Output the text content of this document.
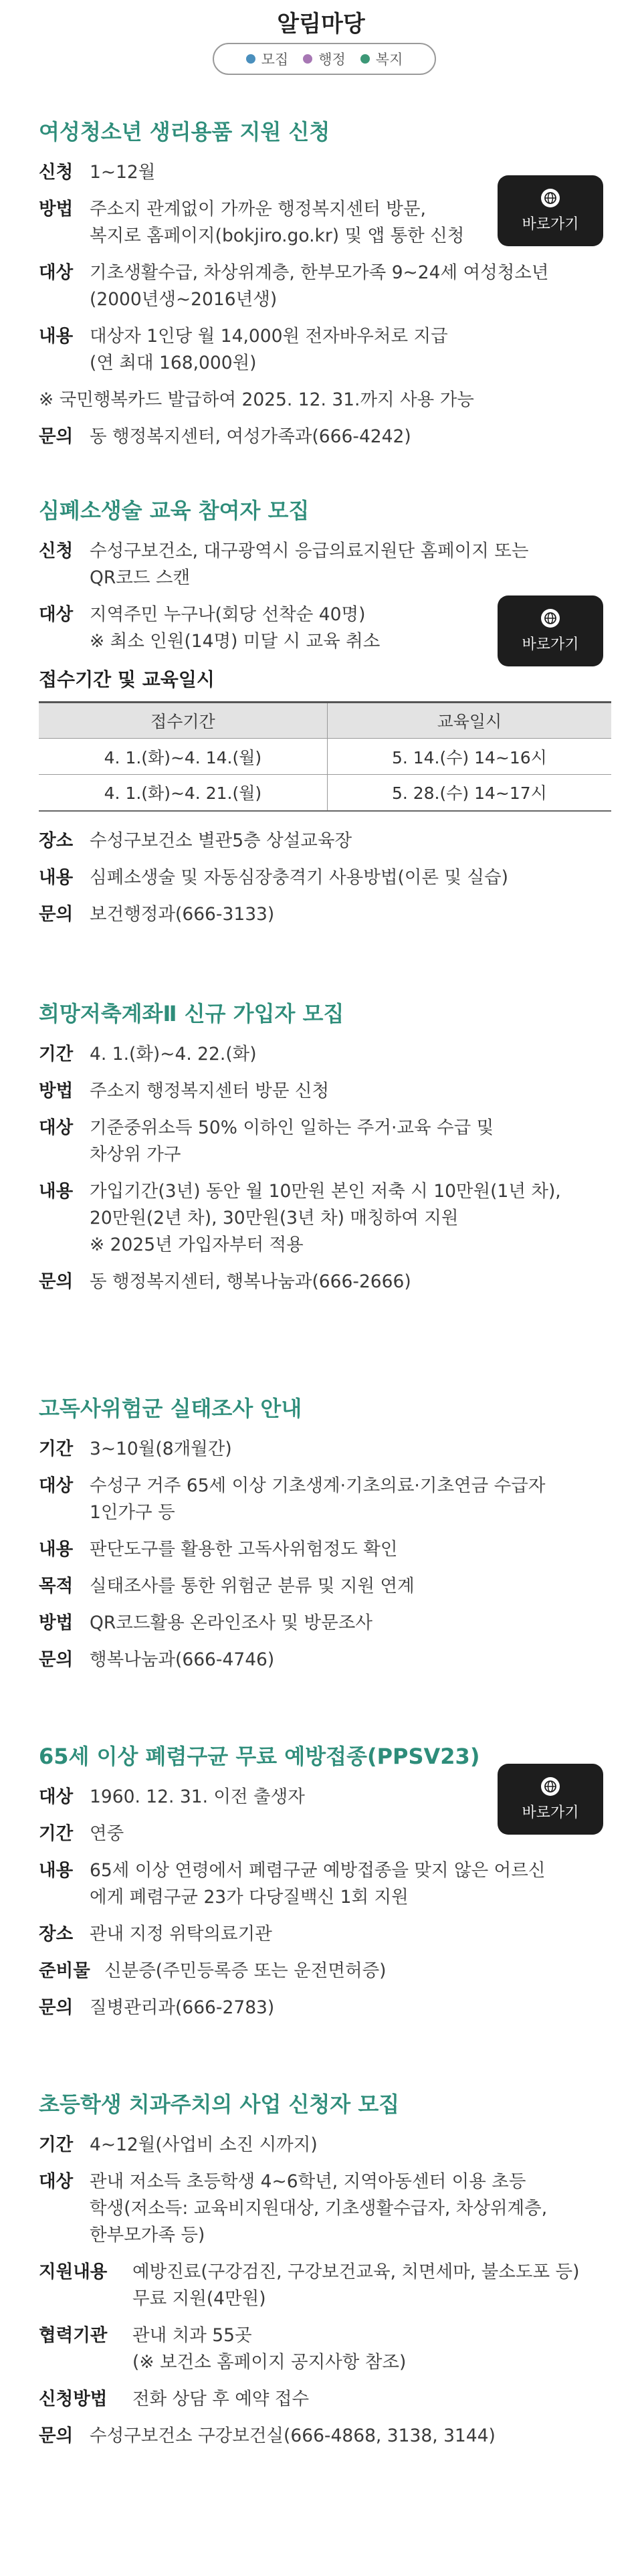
알림마당
모집 행정 복지
여성청소년 생리용품 지원 신청
신청 1~12월
방법 주소지 관계없이 가까운 행정복지센터 방문,
복지로 홈페이지(bokjiro.go.kr) 및 앱 통한 신청
대상 기초생활수급, 차상위계층, 한부모가족 9~24세 여성청소년
(2000년생~2016년생)
내용 대상자 1인당 월 14,000원 전자바우처로 지급
(연 최대 168,000원)
※ 국민행복카드 발급하여 2025. 12. 31.까지 사용 가능
문의 동 행정복지센터, 여성가족과(666-4242)
바로가기
심폐소생술 교육 참여자 모집
신청 수성구보건소, 대구광역시 응급의료지원단 홈페이지 또는
QR코드 스캔
대상 지역주민 누구나(회당 선착순 40명)
※ 최소 인원(14명) 미달 시 교육 취소
접수기간 및 교육일시
접수기간	교육일시
4. 1.(화)~4. 14.(월)	5. 14.(수) 14~16시
4. 1.(화)~4. 21.(월)	5. 28.(수) 14~17시
장소 수성구보건소 별관5층 상설교육장
내용 심폐소생술 및 자동심장충격기 사용방법(이론 및 실습)
문의 보건행정과(666-3133)
바로가기
희망저축계좌Ⅱ 신규 가입자 모집
기간 4. 1.(화)~4. 22.(화)
방법 주소지 행정복지센터 방문 신청
대상 기준중위소득 50% 이하인 일하는 주거·교육 수급 및
차상위 가구
내용 가입기간(3년) 동안 월 10만원 본인 저축 시 10만원(1년 차),
20만원(2년 차), 30만원(3년 차) 매칭하여 지원
※ 2025년 가입자부터 적용
문의 동 행정복지센터, 행복나눔과(666-2666)
고독사위험군 실태조사 안내
기간 3~10월(8개월간)
대상 수성구 거주 65세 이상 기초생계·기초의료·기초연금 수급자
1인가구 등
내용 판단도구를 활용한 고독사위험정도 확인
목적 실태조사를 통한 위험군 분류 및 지원 연계
방법 QR코드활용 온라인조사 및 방문조사
문의 행복나눔과(666-4746)
65세 이상 폐렴구균 무료 예방접종(PPSV23)
대상 1960. 12. 31. 이전 출생자
기간 연중
내용 65세 이상 연령에서 폐렴구균 예방접종을 맞지 않은 어르신
에게 폐렴구균 23가 다당질백신 1회 지원
장소 관내 지정 위탁의료기관
준비물 신분증(주민등록증 또는 운전면허증)
문의 질병관리과(666-2783)
바로가기
초등학생 치과주치의 사업 신청자 모집
기간 4~12월(사업비 소진 시까지)
대상 관내 저소득 초등학생 4~6학년, 지역아동센터 이용 초등
학생(저소득: 교육비지원대상, 기초생활수급자, 차상위계층,
한부모가족 등)
지원내용	예방진료(구강검진, 구강보건교육, 치면세마, 불소도포 등)
무료 지원(4만원)
협력기관	관내 치과 55곳
(※ 보건소 홈페이지 공지사항 참조)
신청방법	전화 상담 후 예약 접수
문의 수성구보건소 구강보건실(666-4868, 3138, 3144)
